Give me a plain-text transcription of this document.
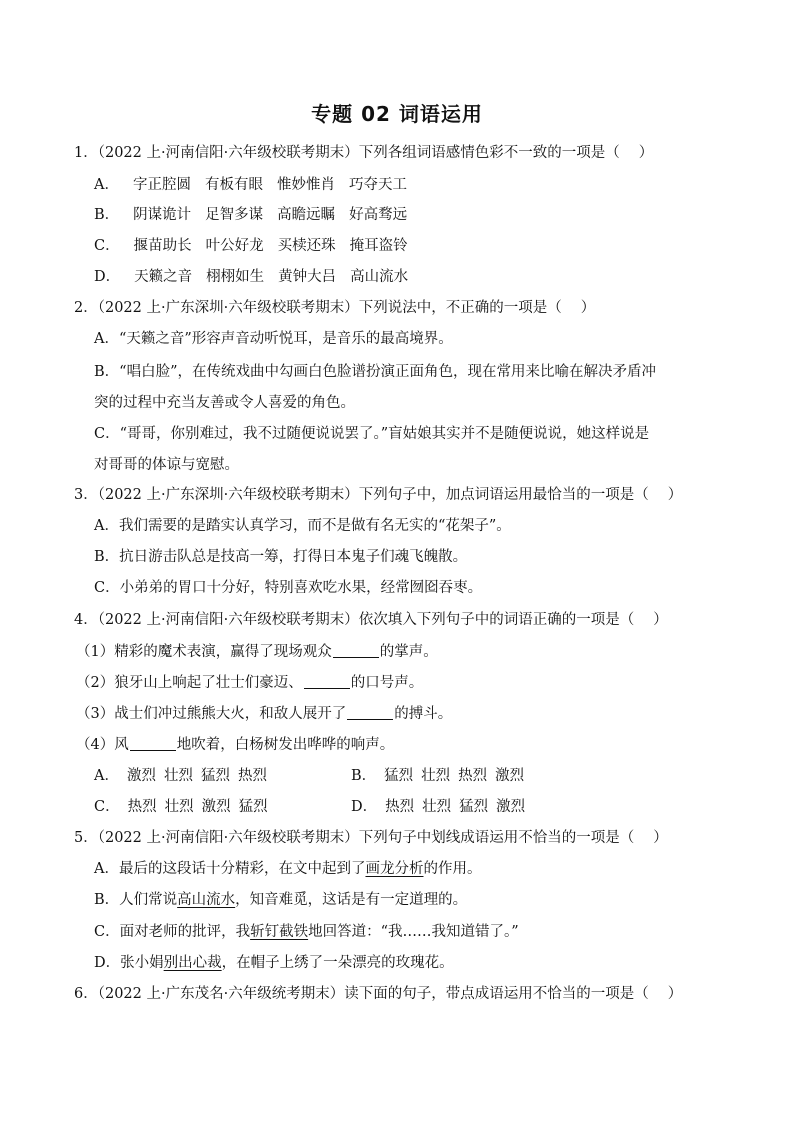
专题 02 词语运用
1．（2022 上·河南信阳·六年级校联考期末）下列各组词语感情色彩不一致的一项是（　 ）
A． 字正腔圆 有板有眼 惟妙惟肖 巧夺天工
B． 阴谋诡计 足智多谋 高瞻远瞩 好高骛远
C． 揠苗助长 叶公好龙 买椟还珠 掩耳盗铃
D． 天籁之音 栩栩如生 黄钟大吕 高山流水
2．（2022 上·广东深圳·六年级校联考期末）下列说法中，不正确的一项是（　 ）
A．“天籁之音”形容声音动听悦耳，是音乐的最高境界。
B．“唱白脸”，在传统戏曲中勾画白色脸谱扮演正面角色，现在常用来比喻在解决矛盾冲
突的过程中充当友善或令人喜爱的角色。
C．“哥哥，你别难过，我不过随便说说罢了。”盲姑娘其实并不是随便说说，她这样说是
对哥哥的体谅与宽慰。
3．（2022 上·广东深圳·六年级校联考期末）下列句子中，加点词语运用最恰当的一项是（　 ）
A．我们需要的是踏实认真学习，而不是做有名无实的“花架子”。
B．抗日游击队总是技高一筹，打得日本鬼子们魂飞魄散。
C．小弟弟的胃口十分好，特别喜欢吃水果，经常囫囵吞枣。
4．（2022 上·河南信阳·六年级校联考期末）依次填入下列句子中的词语正确的一项是（　 ）
（1）精彩的魔术表演，赢得了现场观众	的掌声。
（2）狼牙山上响起了壮士们豪迈、	的口号声。
（3）战士们冲过熊熊大火，和敌人展开了	的搏斗。
（4）风	地吹着，白杨树发出哗哗的响声。
A． 激烈 壮烈 猛烈 热烈	B． 猛烈 壮烈 热烈 激烈
C． 热烈 壮烈 激烈 猛烈	D． 热烈 壮烈 猛烈 激烈
5．（2022 上·河南信阳·六年级校联考期末）下列句子中划线成语运用不恰当的一项是（　 ）
A．最后的这段话十分精彩，在文中起到了画龙分析的作用。
B．人们常说高山流水，知音难觅，这话是有一定道理的。
C．面对老师的批评，我斩钉截铁地回答道：“我……我知道错了。”
D．张小娟别出心裁，在帽子上绣了一朵漂亮的玫瑰花。
6．（2022 上·广东茂名·六年级统考期末）读下面的句子，带点成语运用不恰当的一项是（　 ）
